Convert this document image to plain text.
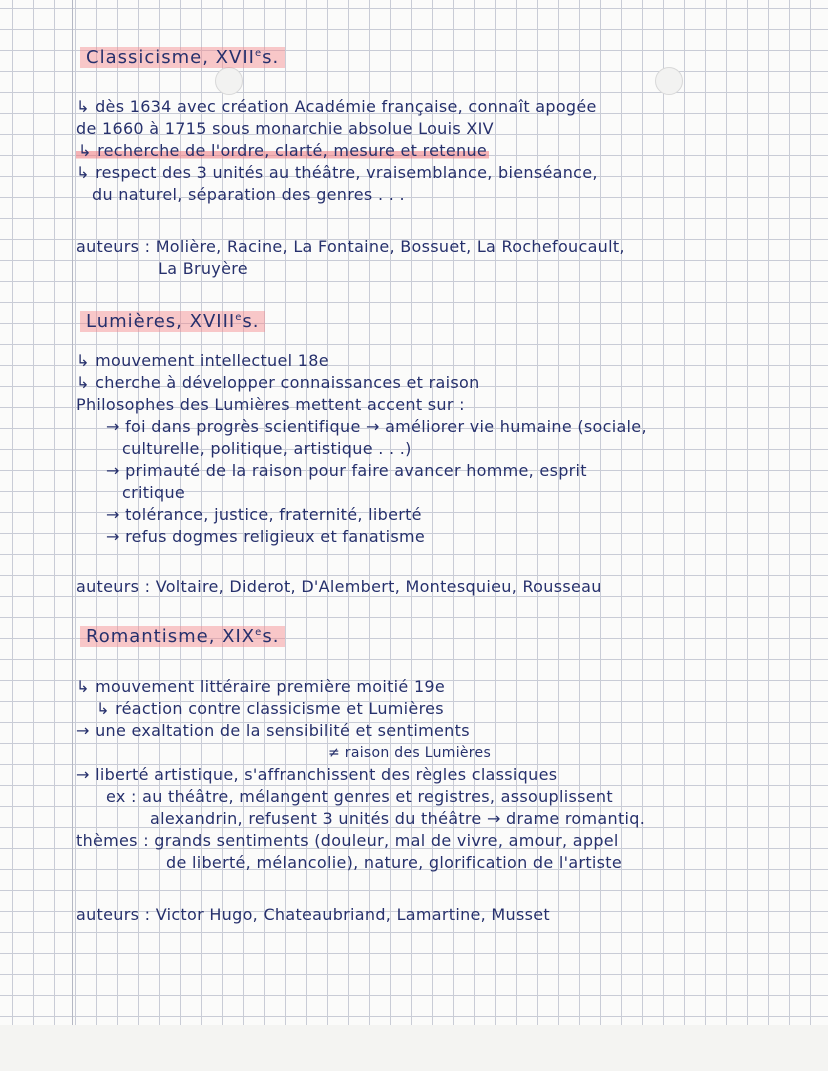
Classicisme, XVIIes.
↳ dès 1634 avec création Académie française, connaît apogée
de 1660 à 1715 sous monarchie absolue Louis XIV
↳ recherche de l'ordre, clarté, mesure et retenue
↳ respect des 3 unités au théâtre, vraisemblance, bienséance,
du naturel, séparation des genres . . .
auteurs : Molière, Racine, La Fontaine, Bossuet, La Rochefoucault,
La Bruyère
Lumières, XVIIIes.
↳ mouvement intellectuel 18e
↳ cherche à développer connaissances et raison
Philosophes des Lumières mettent accent sur :
→ foi dans progrès scientifique → améliorer vie humaine (sociale,
culturelle, politique, artistique . . .)
→ primauté de la raison pour faire avancer homme, esprit
critique
→ tolérance, justice, fraternité, liberté
→ refus dogmes religieux et fanatisme
auteurs : Voltaire, Diderot, D'Alembert, Montesquieu, Rousseau
Romantisme, XIXes.
↳ mouvement littéraire première moitié 19e
↳ réaction contre classicisme et Lumières
→ une exaltation de la sensibilité et sentiments
≠ raison des Lumières
→ liberté artistique, s'affranchissent des règles classiques
ex : au théâtre, mélangent genres et registres, assouplissent
alexandrin, refusent 3 unités du théâtre → drame romantiq.
thèmes : grands sentiments (douleur, mal de vivre, amour, appel
de liberté, mélancolie), nature, glorification de l'artiste
auteurs : Victor Hugo, Chateaubriand, Lamartine, Musset
